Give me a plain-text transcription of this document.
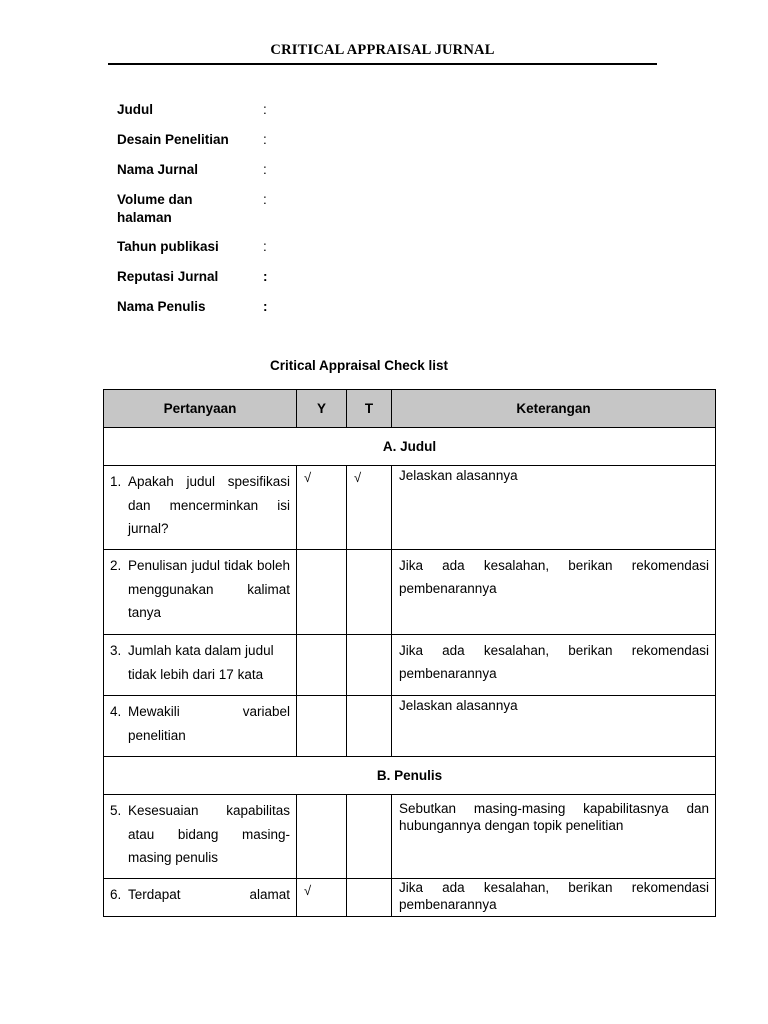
CRITICAL APPRAISAL JURNAL
Judul	:
Desain Penelitian	:
Nama Jurnal	:
Volume dan halaman
:
Tahun publikasi	:
Reputasi Jurnal	:
Nama Penulis	:
Critical Appraisal Check list
Pertanyaan	Y	T	Keterangan
A. Judul			

1. Apakah judul spesifikasi dan mencerminkan isi jurnal?	√	√	Jelaskan alasannya

2. Penulisan judul tidak boleh menggunakan kalimat tanya			Jika ada kesalahan, berikan rekomendasi pembenarannya

3. Jumlah kata dalam judul tidak lebih dari 17 kata			Jika ada kesalahan, berikan rekomendasi pembenarannya

4. Mewakili variabel penelitian			Jelaskan alasannya

B. Penulis			

5. Kesesuaian kapabilitas atau bidang masing-masing penulis			Sebutkan masing-masing kapabilitasnya dan hubungannya dengan topik penelitian

6. Terdapat alamat	√		Jika ada kesalahan, berikan rekomendasi pembenarannya
